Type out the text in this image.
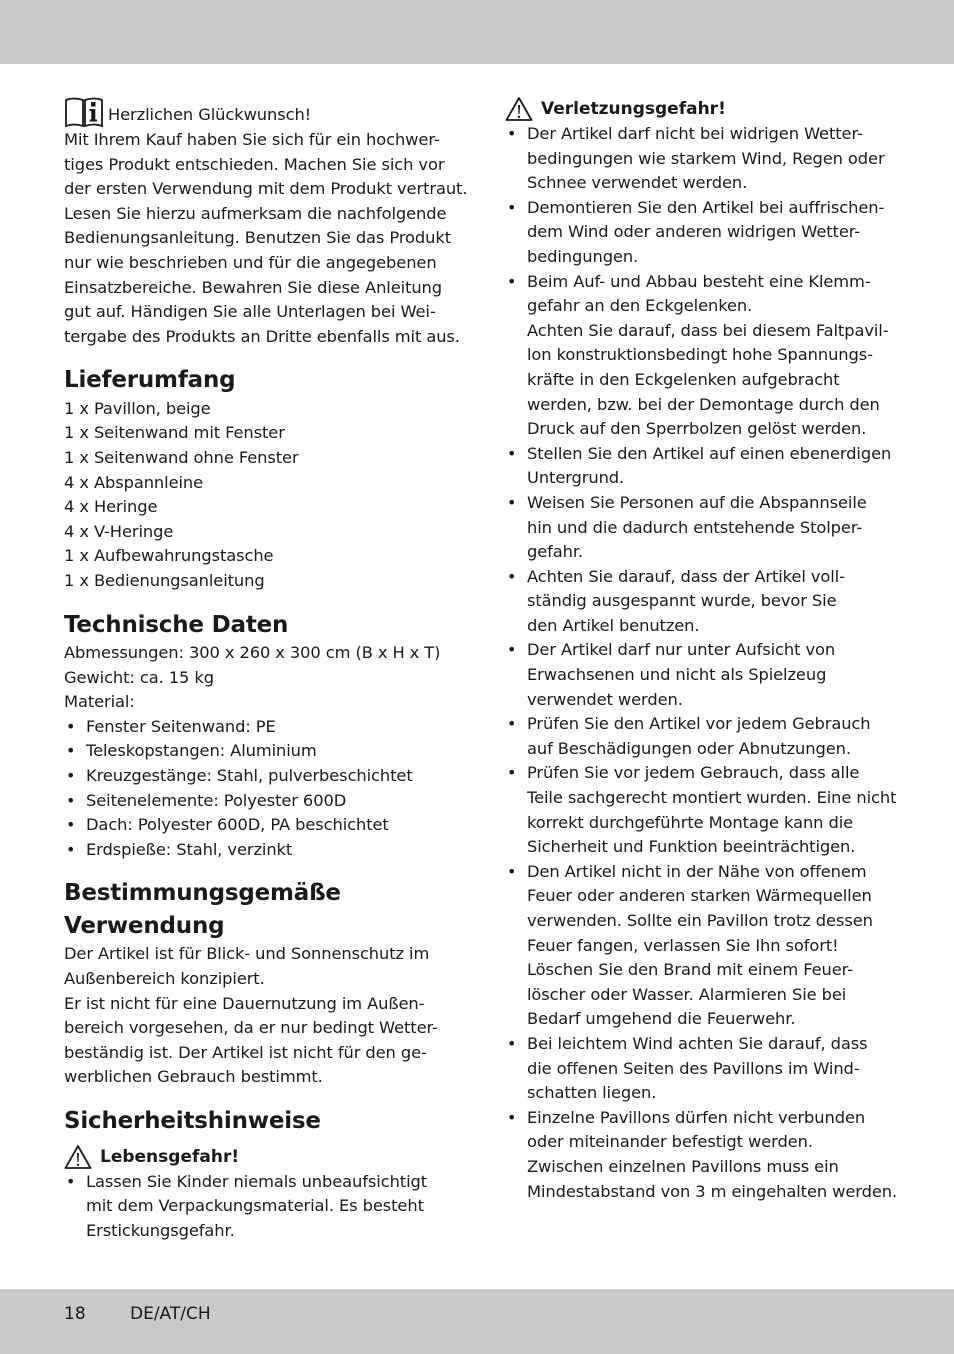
Herzlichen Glückwunsch!
Mit Ihrem Kauf haben Sie sich für ein hochwer-
tiges Produkt entschieden. Machen Sie sich vor
der ersten Verwendung mit dem Produkt vertraut.
Lesen Sie hierzu aufmerksam die nachfolgende
Bedienungsanleitung. Benutzen Sie das Produkt
nur wie beschrieben und für die angegebenen
Einsatzbereiche. Bewahren Sie diese Anleitung
gut auf. Händigen Sie alle Unterlagen bei Wei-
tergabe des Produkts an Dritte ebenfalls mit aus.
Lieferumfang
1 x Pavillon, beige
1 x Seitenwand mit Fenster
1 x Seitenwand ohne Fenster
4 x Abspannleine
4 x Heringe
4 x V-Heringe
1 x Aufbewahrungstasche
1 x Bedienungsanleitung
Technische Daten
Abmessungen: 300 x 260 x 300 cm (B x H x T)
Gewicht: ca. 15 kg
Material:
• Fenster Seitenwand: PE
• Teleskopstangen: Aluminium
• Kreuzgestänge: Stahl, pulverbeschichtet
• Seitenelemente: Polyester 600D
• Dach: Polyester 600D, PA beschichtet
• Erdspieße: Stahl, verzinkt
Bestimmungsgemäße
Verwendung
Der Artikel ist für Blick- und Sonnenschutz im
Außenbereich konzipiert.
Er ist nicht für eine Dauernutzung im Außen-
bereich vorgesehen, da er nur bedingt Wetter-
beständig ist. Der Artikel ist nicht für den ge-
werblichen Gebrauch bestimmt.
Sicherheitshinweise
Lebensgefahr!
• Lassen Sie Kinder niemals unbeaufsichtigt
mit dem Verpackungsmaterial. Es besteht
Erstickungsgefahr.
Verletzungsgefahr!
• Der Artikel darf nicht bei widrigen Wetter-
bedingungen wie starkem Wind, Regen oder
Schnee verwendet werden.
• Demontieren Sie den Artikel bei auffrischen-
dem Wind oder anderen widrigen Wetter-
bedingungen.
• Beim Auf- und Abbau besteht eine Klemm-
gefahr an den Eckgelenken.
Achten Sie darauf, dass bei diesem Faltpavil-
lon konstruktionsbedingt hohe Spannungs-
kräfte in den Eckgelenken aufgebracht
werden, bzw. bei der Demontage durch den
Druck auf den Sperrbolzen gelöst werden.
• Stellen Sie den Artikel auf einen ebenerdigen
Untergrund.
• Weisen Sie Personen auf die Abspannseile
hin und die dadurch entstehende Stolper-
gefahr.
• Achten Sie darauf, dass der Artikel voll-
ständig ausgespannt wurde, bevor Sie
den Artikel benutzen.
• Der Artikel darf nur unter Aufsicht von
Erwachsenen und nicht als Spielzeug
verwendet werden.
• Prüfen Sie den Artikel vor jedem Gebrauch
auf Beschädigungen oder Abnutzungen.
• Prüfen Sie vor jedem Gebrauch, dass alle
Teile sachgerecht montiert wurden. Eine nicht
korrekt durchgeführte Montage kann die
Sicherheit und Funktion beeinträchtigen.
• Den Artikel nicht in der Nähe von offenem
Feuer oder anderen starken Wärmequellen
verwenden. Sollte ein Pavillon trotz dessen
Feuer fangen, verlassen Sie Ihn sofort!
Löschen Sie den Brand mit einem Feuer-
löscher oder Wasser. Alarmieren Sie bei
Bedarf umgehend die Feuerwehr.
• Bei leichtem Wind achten Sie darauf, dass
die offenen Seiten des Pavillons im Wind-
schatten liegen.
• Einzelne Pavillons dürfen nicht verbunden
oder miteinander befestigt werden.
Zwischen einzelnen Pavillons muss ein
Mindestabstand von 3 m eingehalten werden.
18	DE/AT/CH
